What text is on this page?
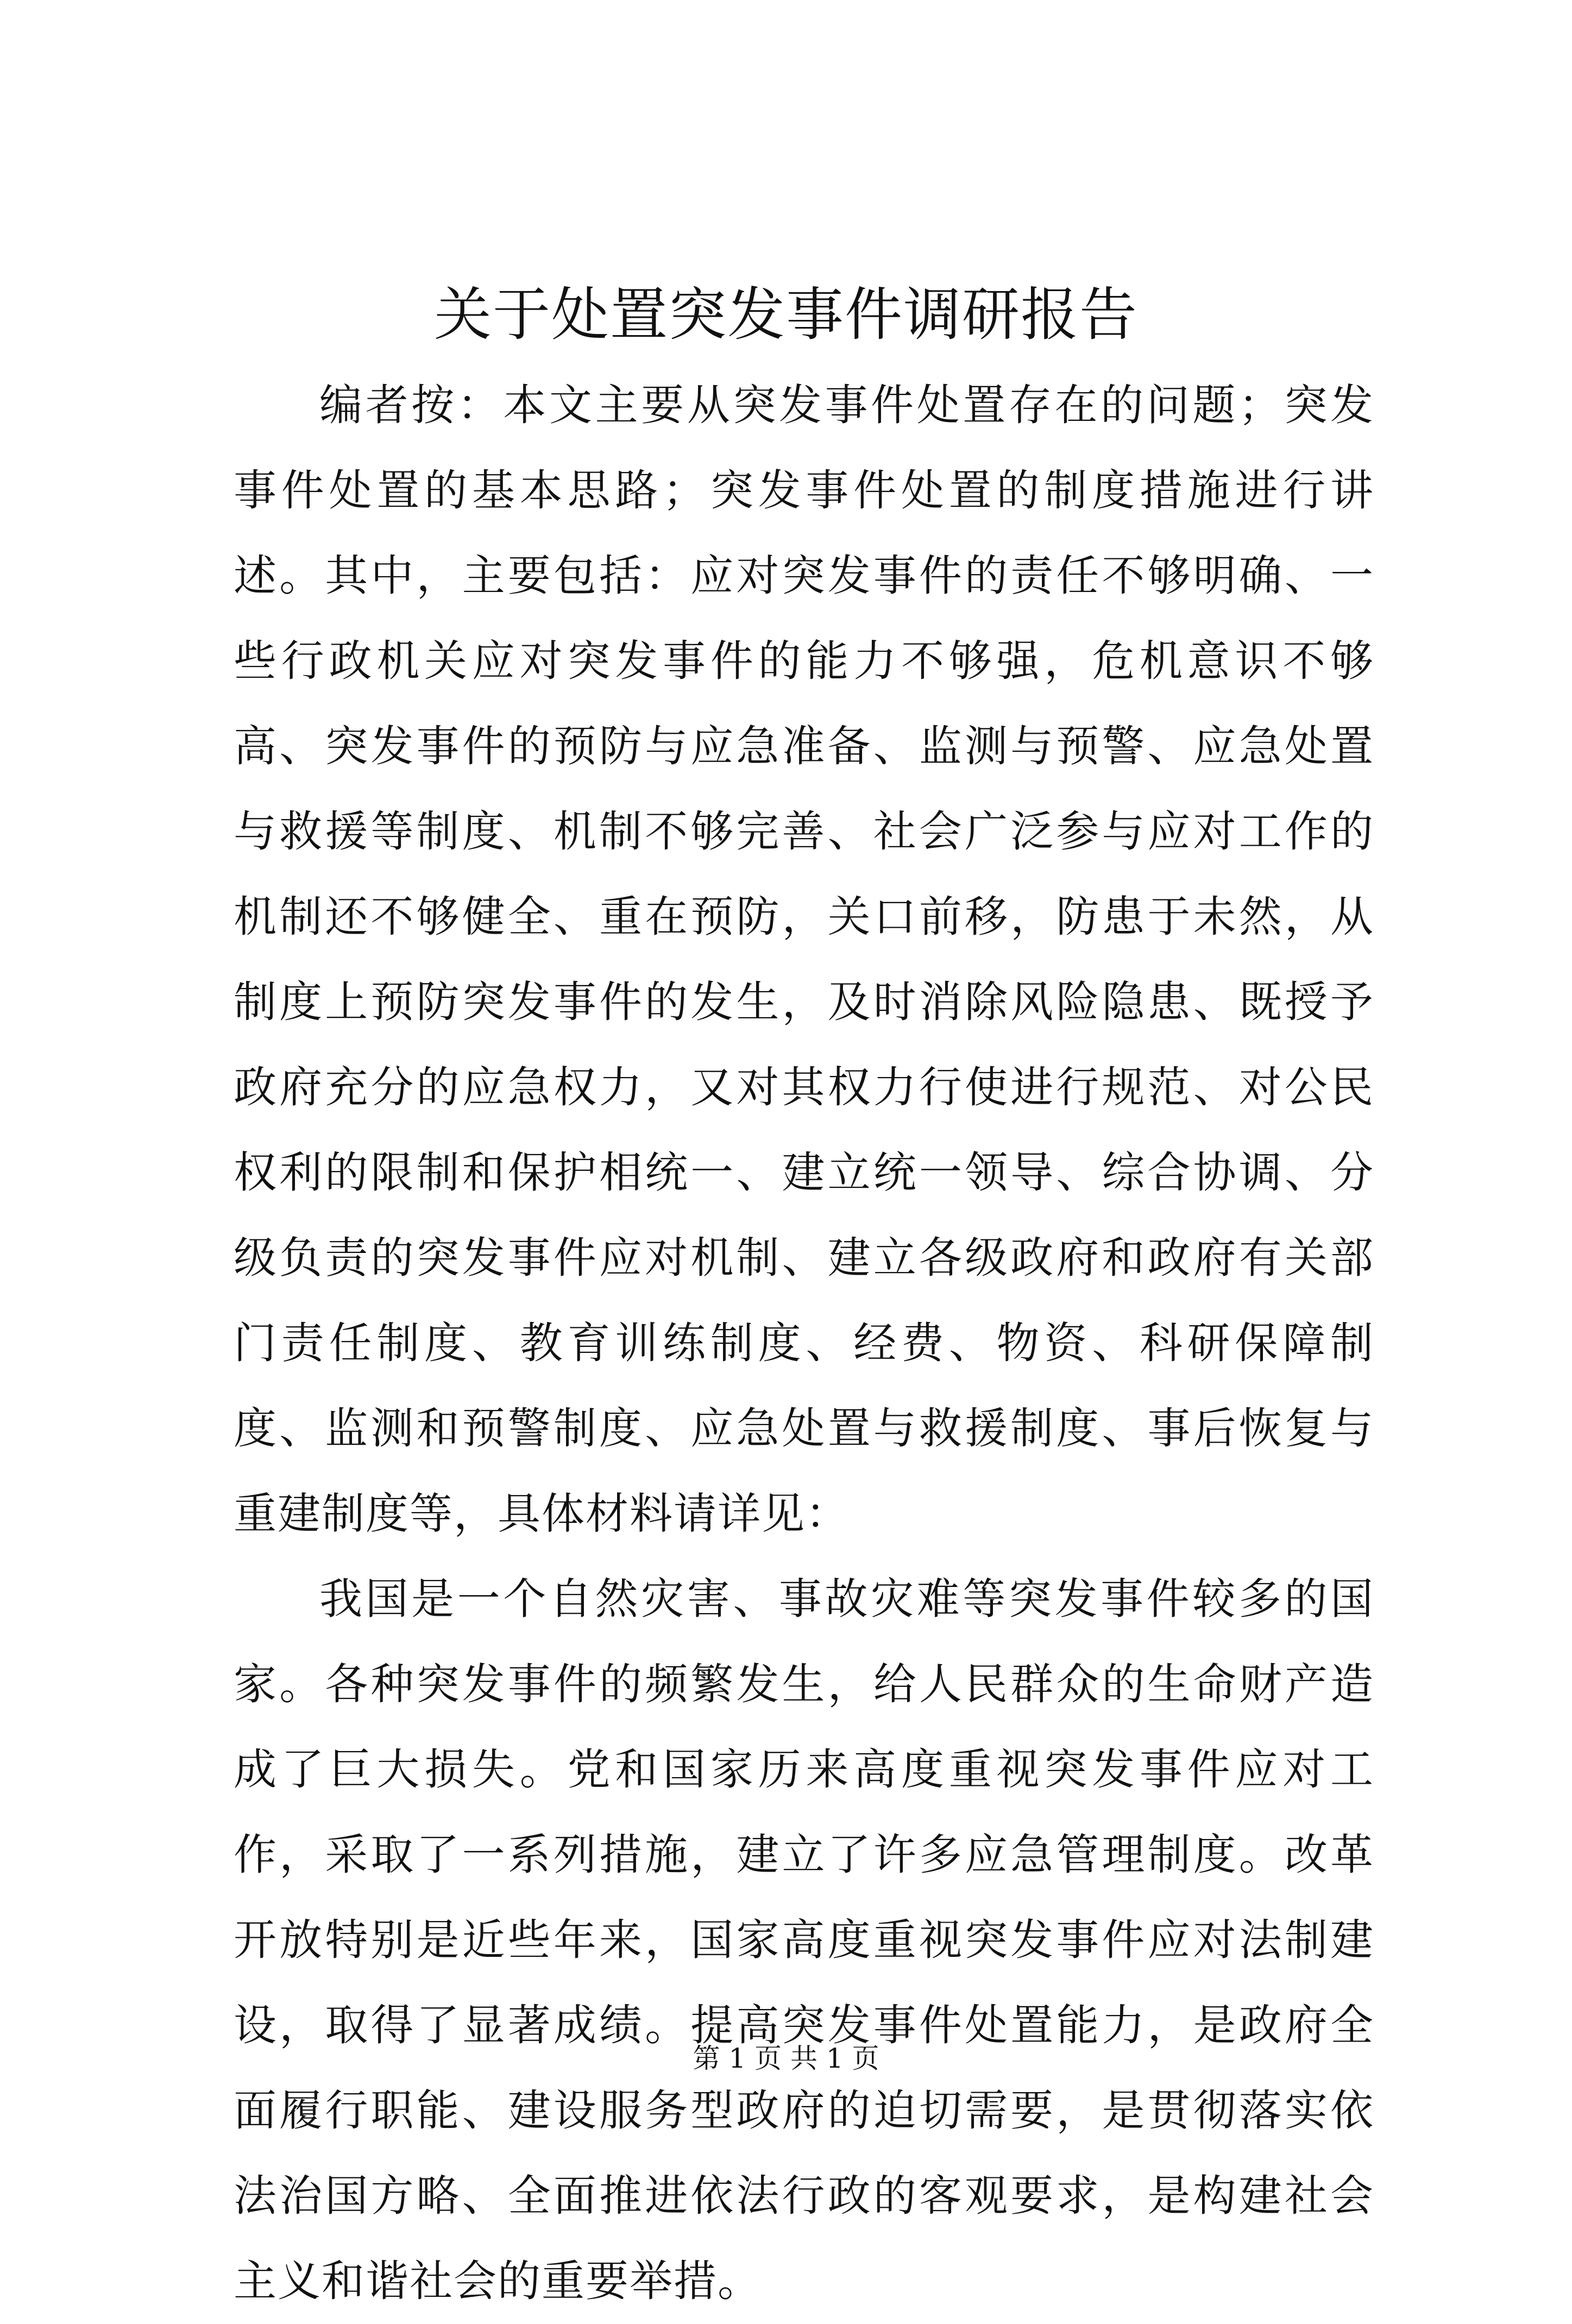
关于处置突发事件调研报告

编者按：本文主要从突发事件处置存在的问题；突发事件处置的基本思路；突发事件处置的制度措施进行讲述。其中，主要包括：应对突发事件的责任不够明确、一些行政机关应对突发事件的能力不够强，危机意识不够高、突发事件的预防与应急准备、监测与预警、应急处置与救援等制度、机制不够完善、社会广泛参与应对工作的机制还不够健全、重在预防，关口前移，防患于未然，从制度上预防突发事件的发生，及时消除风险隐患、既授予政府充分的应急权力，又对其权力行使进行规范、对公民权利的限制和保护相统一、建立统一领导、综合协调、分级负责的突发事件应对机制、建立各级政府和政府有关部门责任制度、教育训练制度、经费、物资、科研保障制度、监测和预警制度、应急处置与救援制度、事后恢复与重建制度等，具体材料请详见：

我国是一个自然灾害、事故灾难等突发事件较多的国家。各种突发事件的频繁发生，给人民群众的生命财产造成了巨大损失。党和国家历来高度重视突发事件应对工作，采取了一系列措施，建立了许多应急管理制度。改革开放特别是近些年来，国家高度重视突发事件应对法制建设，取得了显著成绩。提高突发事件处置能力，是政府全面履行职能、建设服务型政府的迫切需要，是贯彻落实依法治国方略、全面推进依法行政的客观要求，是构建社会主义和谐社会的重要举措。

第 1 页 共 1 页
